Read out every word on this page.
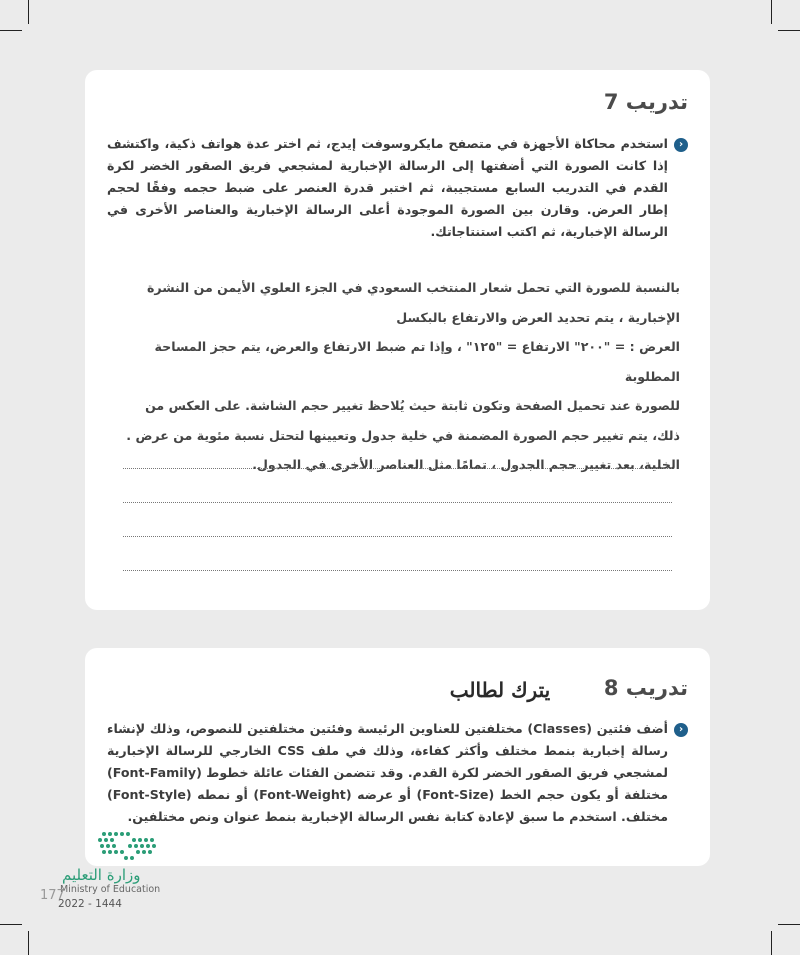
تدريب 7
‹
استخدم محاكاة الأجهزة في متصفح مايكروسوفت إيدج، ثم اختر عدة هواتف ذكية، واكتشف إذا كانت الصورة التي أضفتها إلى الرسالة الإخبارية لمشجعي فريق الصقور الخضر لكرة القدم في التدريب السابع مستجيبة، ثم اختبر قدرة العنصر على ضبط حجمه وفقًا لحجم إطار العرض. وقارن بين الصورة الموجودة أعلى الرسالة الإخبارية والعناصر الأخرى في الرسالة الإخبارية، ثم اكتب استنتاجاتك.
بالنسبة للصورة التي تحمل شعار المنتخب السعودي في الجزء العلوي الأيمن من النشرة
الإخبارية ، يتم تحديد العرض والارتفاع بالبكسل
العرض : = "٢٠٠" الارتفاع = "١٢٥" ، وإذا تم ضبط الارتفاع والعرض، يتم حجز المساحة المطلوبة
للصورة عند تحميل الصفحة وتكون ثابتة حيث يُلاحظ تغيير حجم الشاشة. على العكس من
ذلك، يتم تغيير حجم الصورة المضمنة في خلية جدول وتعيينها لتحتل نسبة مئوية من عرض .
الخلية، بعد تغيير حجم الجدول ، تمامًا مثل العناصر الأخرى في الجدول.
تدريب 8
يترك لطالب
‹
أضف فئتين (Classes) مختلفتين للعناوين الرئيسة وفئتين مختلفتين للنصوص، وذلك لإنشاء رسالة إخبارية بنمط مختلف وأكثر كفاءة، وذلك في ملف CSS الخارجي للرسالة الإخبارية لمشجعي فريق الصقور الخضر لكرة القدم. وقد تتضمن الفئات عائلة خطوط (Font-Family) مختلفة أو يكون حجم الخط (Font-Size) أو عرضه (Font-Weight) أو نمطه (Font-Style) مختلف. استخدم ما سبق لإعادة كتابة نفس الرسالة الإخبارية بنمط عنوان ونص مختلفين.
وزارة التعليم
Ministry of Education
177
2022 - 1444
